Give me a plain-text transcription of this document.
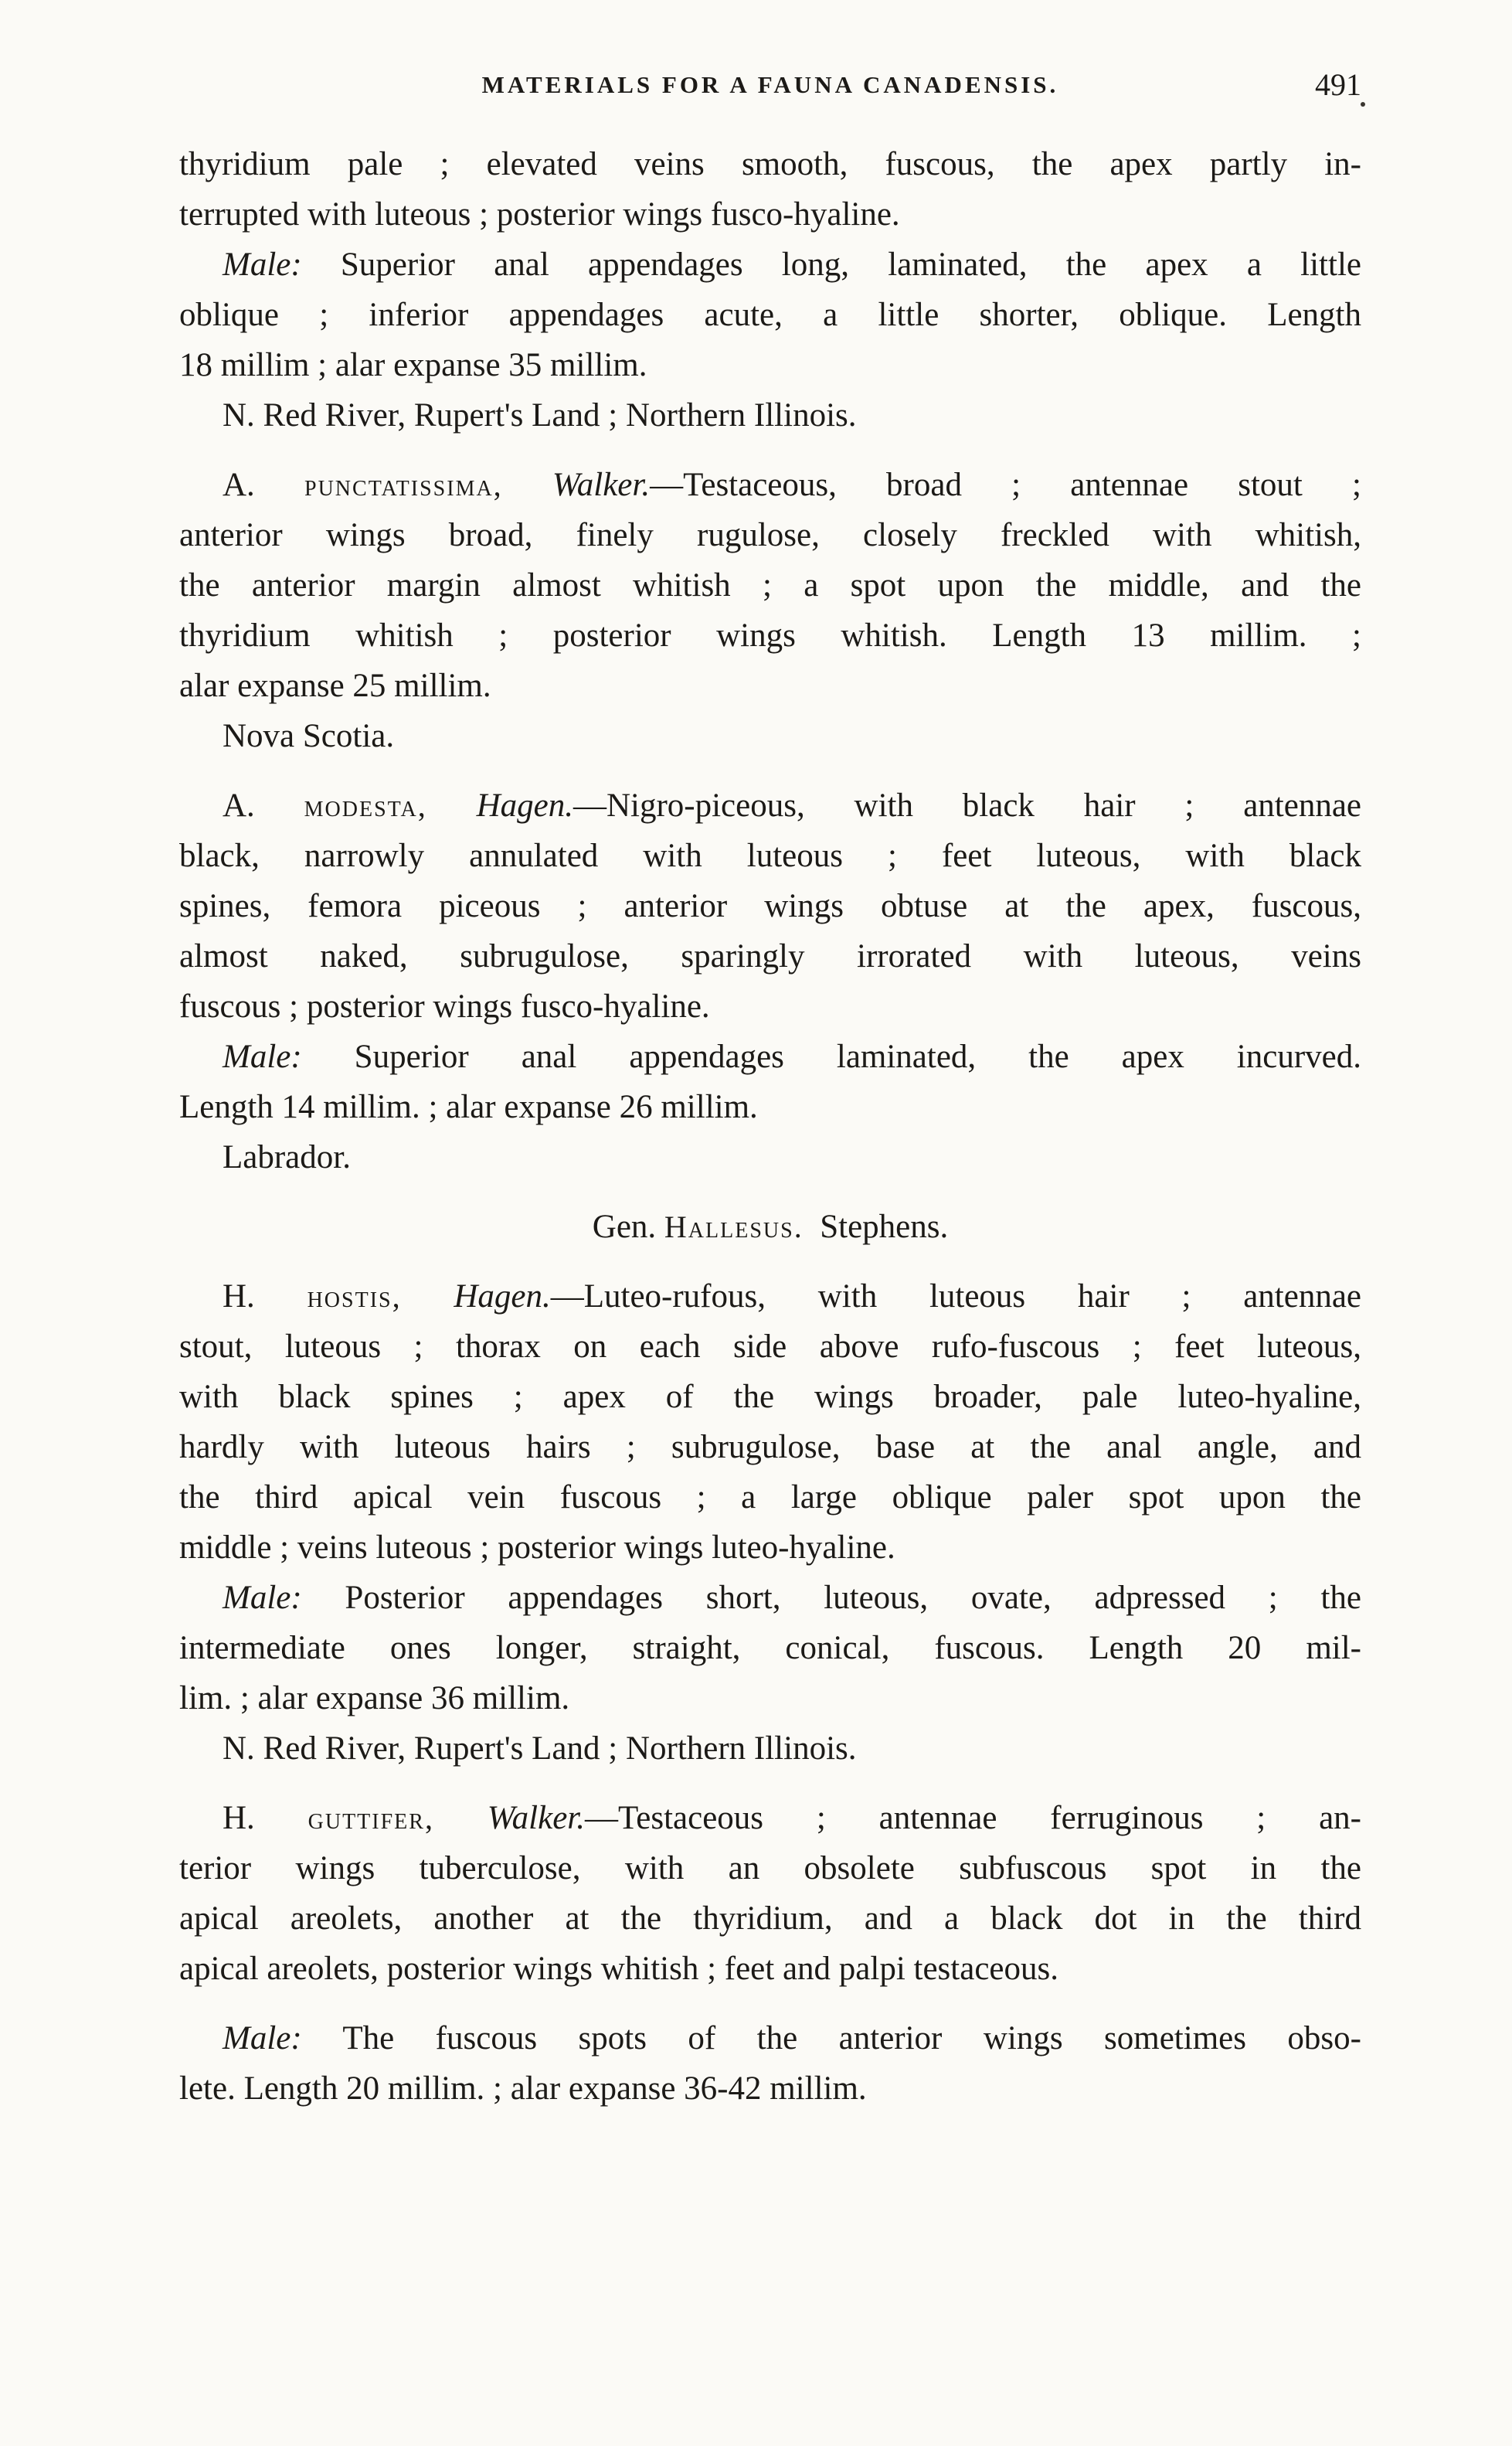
MATERIALS FOR A FAUNA CANADENSIS.	491

thyridium pale ; elevated veins smooth, fuscous, the apex partly in-
terrupted with luteous ; posterior wings fusco-hyaline.

Male: Superior anal appendages long, laminated, the apex a little
oblique ; inferior appendages acute, a little shorter, oblique. Length
18 millim ; alar expanse 35 millim.

N. Red River, Rupert's Land ; Northern Illinois.

A. punctatissima, Walker.—Testaceous, broad ; antennae stout ;
anterior wings broad, finely rugulose, closely freckled with whitish,
the anterior margin almost whitish ; a spot upon the middle, and the
thyridium whitish ; posterior wings whitish. Length 13 millim. ;
alar expanse 25 millim.

Nova Scotia.

A. modesta, Hagen.—Nigro-piceous, with black hair ; antennae
black, narrowly annulated with luteous ; feet luteous, with black
spines, femora piceous ; anterior wings obtuse at the apex, fuscous,
almost naked, subrugulose, sparingly irrorated with luteous, veins
fuscous ; posterior wings fusco-hyaline.

Male: Superior anal appendages laminated, the apex incurved.
Length 14 millim. ; alar expanse 26 millim.

Labrador.

Gen. Hallesus. Stephens.

H. hostis, Hagen.—Luteo-rufous, with luteous hair ; antennae
stout, luteous ; thorax on each side above rufo-fuscous ; feet luteous,
with black spines ; apex of the wings broader, pale luteo-hyaline,
hardly with luteous hairs ; subrugulose, base at the anal angle, and
the third apical vein fuscous ; a large oblique paler spot upon the
middle ; veins luteous ; posterior wings luteo-hyaline.

Male: Posterior appendages short, luteous, ovate, adpressed ; the
intermediate ones longer, straight, conical, fuscous. Length 20 mil-
lim. ; alar expanse 36 millim.

N. Red River, Rupert's Land ; Northern Illinois.

H. guttifer, Walker.—Testaceous ; antennae ferruginous ; an-
terior wings tuberculose, with an obsolete subfuscous spot in the
apical areolets, another at the thyridium, and a black dot in the third
apical areolets, posterior wings whitish ; feet and palpi testaceous.

Male: The fuscous spots of the anterior wings sometimes obso-
lete. Length 20 millim. ; alar expanse 36-42 millim.
